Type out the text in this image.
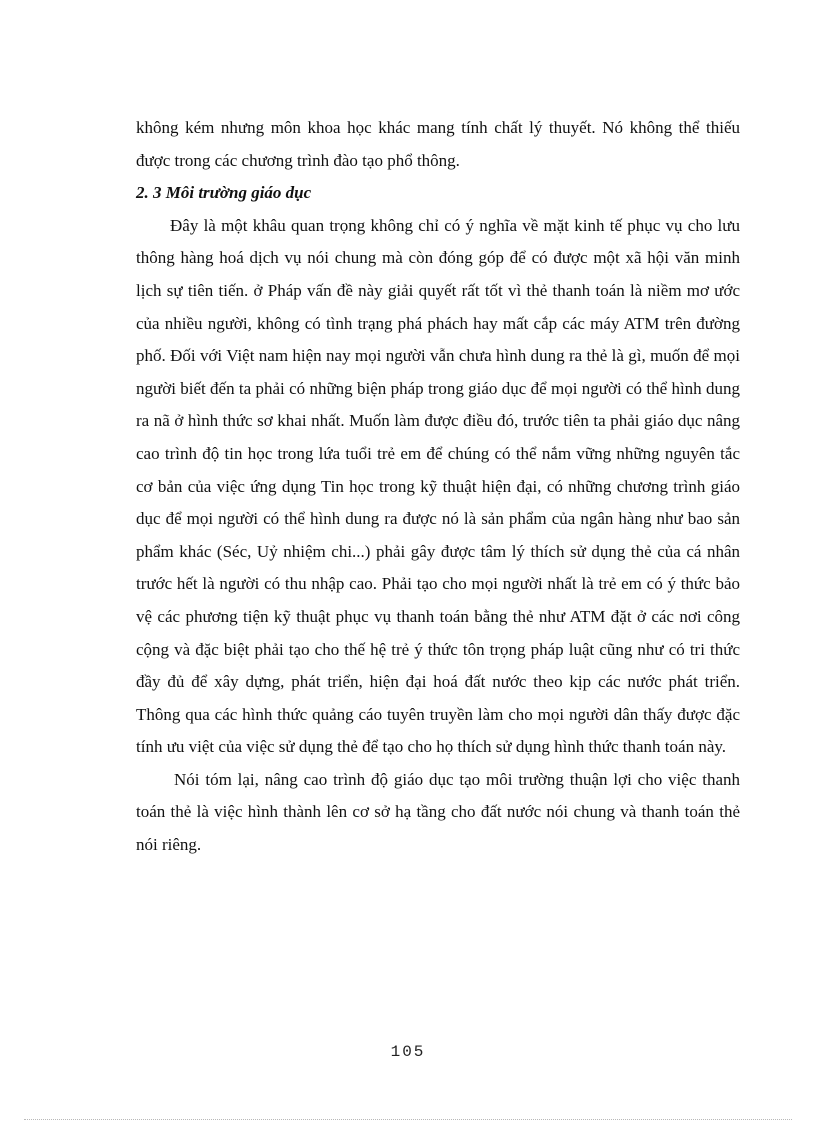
không kém nhưng môn khoa học khác mang tính chất lý thuyết. Nó không thể thiếu được trong các chương trình đào tạo phổ thông.

2. 3 Môi trường giáo dục

Đây là một khâu quan trọng không chỉ có ý nghĩa về mặt kinh tế phục vụ cho lưu thông hàng hoá dịch vụ nói chung mà còn đóng góp để có được một xã hội văn minh lịch sự tiên tiến. ở Pháp vấn đề này giải quyết rất tốt vì thẻ thanh toán là niềm mơ ước của nhiều người, không có tình trạng phá phách hay mất cắp các máy ATM trên đường phố. Đối với Việt nam hiện nay mọi người vẫn chưa hình dung ra thẻ là gì, muốn để mọi người biết đến ta phải có những biện pháp trong giáo dục để mọi người có thể hình dung ra nã ở hình thức sơ khai nhất. Muốn làm được điều đó, trước tiên ta phải giáo dục nâng cao trình độ tin học trong lứa tuổi trẻ em để chúng có thể nắm vững những nguyên tắc cơ bản của việc ứng dụng Tin học trong kỹ thuật hiện đại, có những chương trình giáo dục để mọi người có thể hình dung ra được nó là sản phẩm của ngân hàng như bao sản phẩm khác (Séc, Uỷ nhiệm chi...) phải gây được tâm lý thích sử dụng thẻ của cá nhân trước hết là người có thu nhập cao. Phải tạo cho mọi người nhất là trẻ em có ý thức bảo vệ các phương tiện kỹ thuật phục vụ thanh toán bằng thẻ như ATM đặt ở các nơi công cộng và đặc biệt phải tạo cho thế hệ trẻ ý thức tôn trọng pháp luật cũng như có tri thức đầy đủ để xây dựng, phát triển, hiện đại hoá đất nước theo kịp các nước phát triển. Thông qua các hình thức quảng cáo tuyên truyền làm cho mọi người dân thấy được đặc tính ưu việt của việc sử dụng thẻ để tạo cho họ thích sử dụng hình thức thanh toán này.

Nói tóm lại, nâng cao trình độ giáo dục tạo môi trường thuận lợi cho việc thanh toán thẻ là việc hình thành lên cơ sở hạ tầng cho đất nước nói chung và thanh toán thẻ nói riêng.

105
